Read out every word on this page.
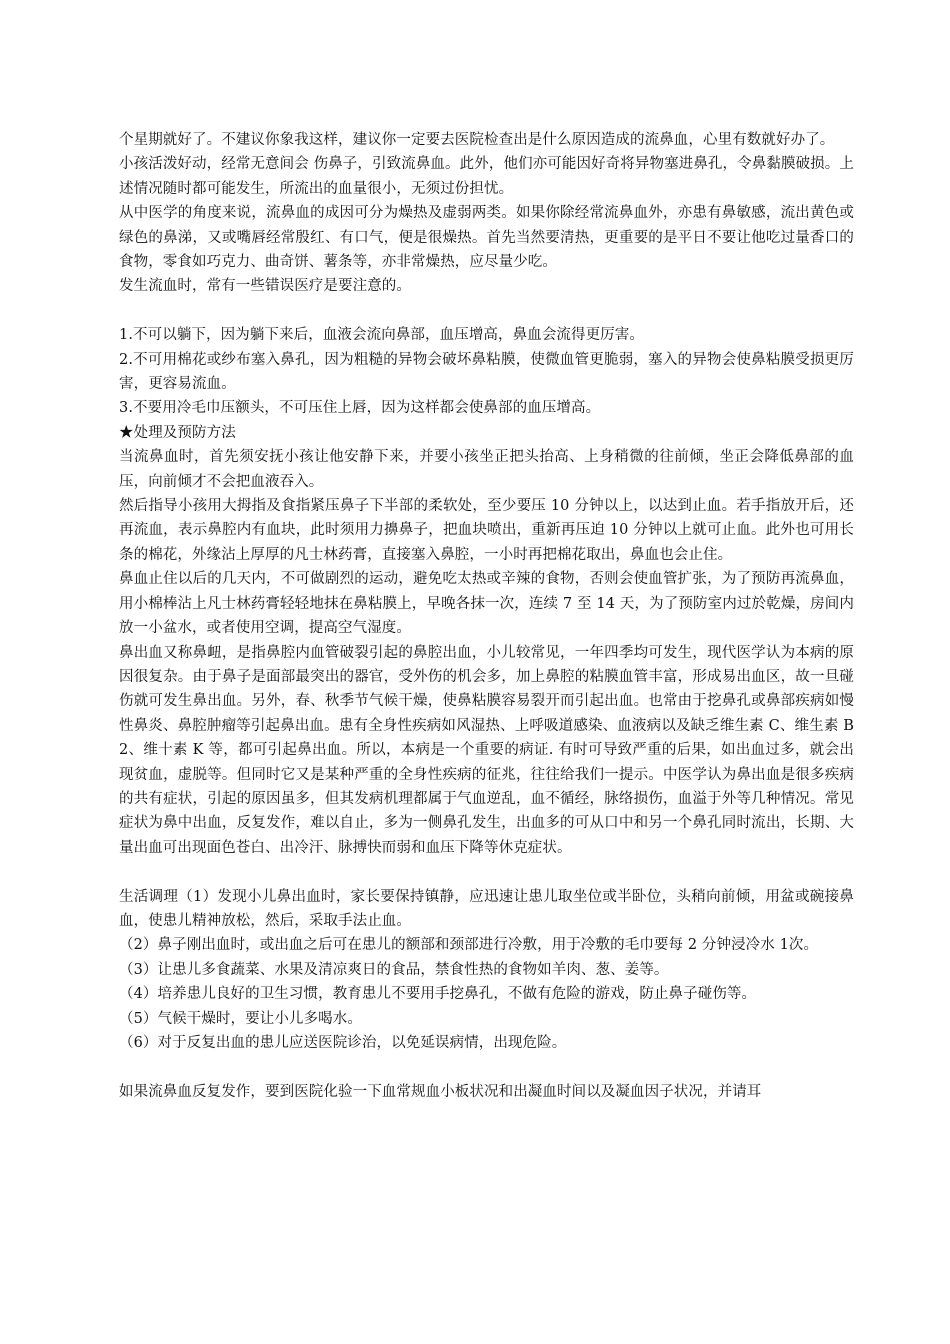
个星期就好了。不建议你象我这样，建议你一定要去医院检查出是什么原因造成的流鼻血，心里有数就好办了。

小孩活泼好动，经常无意间会 伤鼻子，引致流鼻血。此外，他们亦可能因好奇将异物塞进鼻孔，令鼻黏膜破损。上述情况随时都可能发生，所流出的血量很小，无须过份担忧。

从中医学的角度来说，流鼻血的成因可分为燥热及虚弱两类。如果你除经常流鼻血外，亦患有鼻敏感，流出黄色或绿色的鼻涕，又或嘴唇经常殷红、有口气，便是很燥热。首先当然要清热，更重要的是平日不要让他吃过量香口的食物，零食如巧克力、曲奇饼、薯条等，亦非常燥热，应尽量少吃。

发生流血时，常有一些错误医疗是要注意的。

1.不可以躺下，因为躺下来后，血液会流向鼻部，血压增高，鼻血会流得更厉害。

2.不可用棉花或纱布塞入鼻孔，因为粗糙的异物会破坏鼻粘膜，使微血管更脆弱，塞入的异物会使鼻粘膜受损更厉害，更容易流血。

3.不要用冷毛巾压额头，不可压住上唇，因为这样都会使鼻部的血压增高。

★处理及预防方法

当流鼻血时，首先须安抚小孩让他安静下来，并要小孩坐正把头抬高、上身稍微的往前倾，坐正会降低鼻部的血压，向前倾才不会把血液吞入。

然后指导小孩用大拇指及食指紧压鼻子下半部的柔软处，至少要压 10 分钟以上，以达到止血。若手指放开后，还再流血，表示鼻腔内有血块，此时须用力擤鼻子，把血块喷出，重新再压迫 10 分钟以上就可止血。此外也可用长条的棉花，外缘沾上厚厚的凡士林药膏，直接塞入鼻腔，一小时再把棉花取出，鼻血也会止住。

鼻血止住以后的几天内，不可做剧烈的运动，避免吃太热或辛辣的食物，否则会使血管扩张，为了预防再流鼻血，用小棉棒沾上凡士林药膏轻轻地抹在鼻粘膜上，早晚各抹一次，连续 7 至 14 天，为了预防室内过於乾燥，房间内放一小盆水，或者使用空调，提高空气湿度。

鼻出血又称鼻衄，是指鼻腔内血管破裂引起的鼻腔出血，小儿较常见，一年四季均可发生，现代医学认为本病的原因很复杂。由于鼻子是面部最突出的器官，受外伤的机会多，加上鼻腔的粘膜血管丰富，形成易出血区，故一旦碰伤就可发生鼻出血。另外，春、秋季节气候干燥，使鼻粘膜容易裂开而引起出血。也常由于挖鼻孔或鼻部疾病如慢性鼻炎、鼻腔肿瘤等引起鼻出血。患有全身性疾病如风湿热、上呼吸道感染、血液病以及缺乏维生素 C、维生素 B2、维十素 K 等，都可引起鼻出血。所以，本病是一个重要的病证. 有时可导致严重的后果，如出血过多，就会出现贫血，虚脱等。但同时它又是某种严重的全身性疾病的征兆，往往给我们一提示。中医学认为鼻出血是很多疾病的共有症状，引起的原因虽多，但其发病机理都属于气血逆乱，血不循经，脉络损伤，血溢于外等几种情况。常见症状为鼻中出血，反复发作，难以自止，多为一侧鼻孔发生，出血多的可从口中和另一个鼻孔同时流出，长期、大量出血可出现面色苍白、出冷汗、脉搏快而弱和血压下降等休克症状。

生活调理（1）发现小儿鼻出血时，家长要保持镇静，应迅速让患儿取坐位或半卧位，头稍向前倾，用盆或碗接鼻血，使患儿精神放松，然后，采取手法止血。

（2）鼻子刚出血时，或出血之后可在患儿的额部和颈部进行冷敷，用于冷敷的毛巾要每 2 分钟浸冷水 1次。

（3）让患儿多食蔬菜、水果及清凉爽日的食品，禁食性热的食物如羊肉、葱、姜等。

（4）培养患儿良好的卫生习惯，教育患儿不要用手挖鼻孔，不做有危险的游戏，防止鼻子碰伤等。

（5）气候干燥时，要让小儿多喝水。

（6）对于反复出血的患儿应送医院诊治，以免延误病情，出现危险。

如果流鼻血反复发作，要到医院化验一下血常规血小板状况和出凝血时间以及凝血因子状况，并请耳
